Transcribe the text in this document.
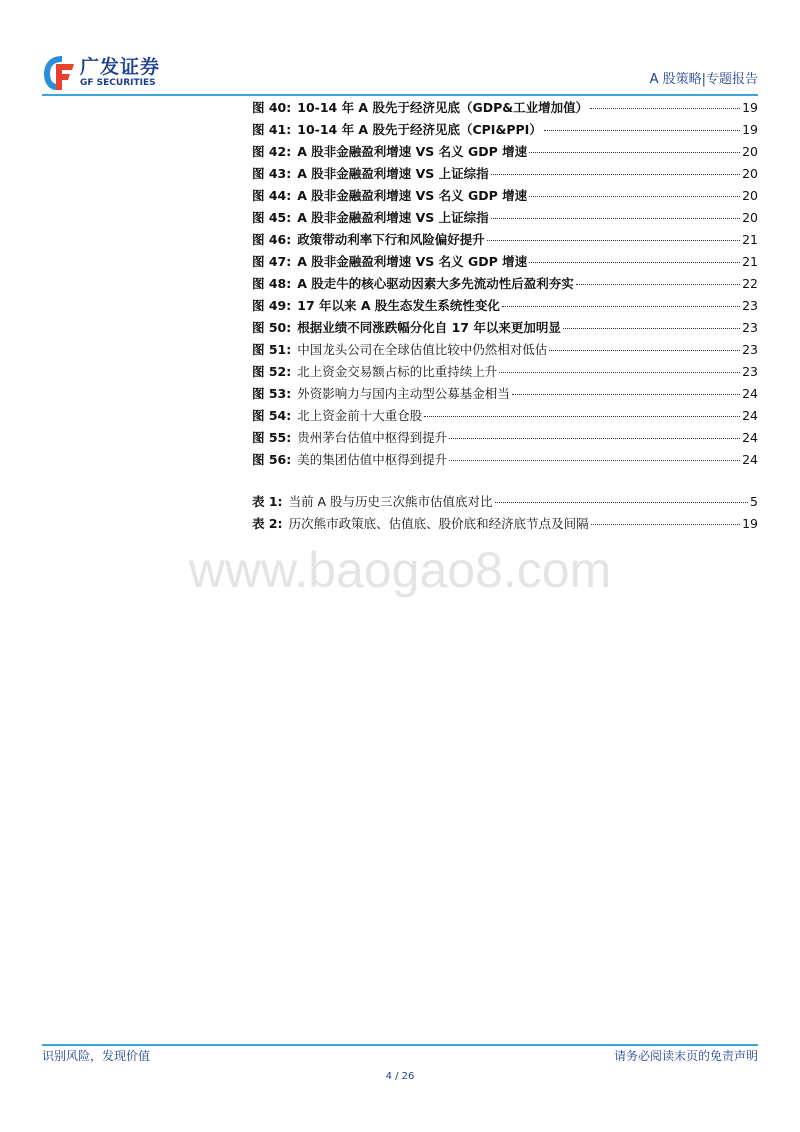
广发证券
GF SECURITIES	A 股策略|专题报告
图 40: 10-14 年 A 股先于经济见底（GDP&工业增加值）	19
图 41: 10-14 年 A 股先于经济见底（CPI&PPI）	19
图 42: A 股非金融盈利增速 VS 名义 GDP 增速	20
图 43: A 股非金融盈利增速 VS 上证综指	20
图 44: A 股非金融盈利增速 VS 名义 GDP 增速	20
图 45: A 股非金融盈利增速 VS 上证综指	20
图 46: 政策带动利率下行和风险偏好提升	21
图 47: A 股非金融盈利增速 VS 名义 GDP 增速	21
图 48: A 股走牛的核心驱动因素大多先流动性后盈利夯实	22
图 49: 17 年以来 A 股生态发生系统性变化	23
图 50: 根据业绩不同涨跌幅分化自 17 年以来更加明显	23
图 51: 中国龙头公司在全球估值比较中仍然相对低估	23
图 52: 北上资金交易额占标的比重持续上升	23
图 53: 外资影响力与国内主动型公募基金相当	24
图 54: 北上资金前十大重仓股	24
图 55: 贵州茅台估值中枢得到提升	24
图 56: 美的集团估值中枢得到提升	24
表 1: 当前 A 股与历史三次熊市估值底对比	5
表 2: 历次熊市政策底、估值底、股价底和经济底节点及间隔	19
www.baogao8.com
识别风险，发现价值	请务必阅读末页的免责声明
4 / 26
